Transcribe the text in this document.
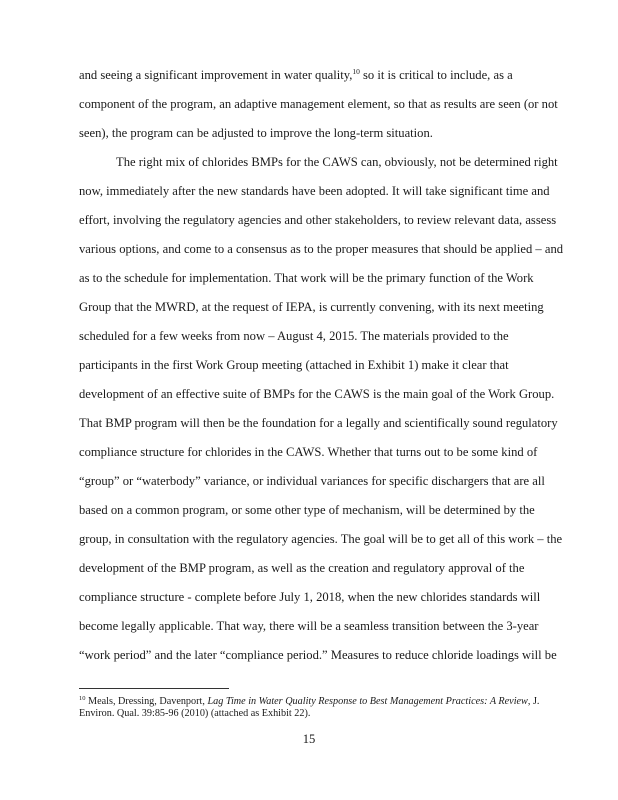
and seeing a significant improvement in water quality,$^{10}$ so it is critical to include, as a
component of the program, an adaptive management element, so that as results are seen (or not
seen), the program can be adjusted to improve the long-term situation.
The right mix of chlorides BMPs for the CAWS can, obviously, not be determined right
now, immediately after the new standards have been adopted. It will take significant time and
effort, involving the regulatory agencies and other stakeholders, to review relevant data, assess
various options, and come to a consensus as to the proper measures that should be applied – and
as to the schedule for implementation. That work will be the primary function of the Work
Group that the MWRD, at the request of IEPA, is currently convening, with its next meeting
scheduled for a few weeks from now – August 4, 2015. The materials provided to the
participants in the first Work Group meeting (attached in Exhibit 1) make it clear that
development of an effective suite of BMPs for the CAWS is the main goal of the Work Group.
That BMP program will then be the foundation for a legally and scientifically sound regulatory
compliance structure for chlorides in the CAWS. Whether that turns out to be some kind of
“group” or “waterbody” variance, or individual variances for specific dischargers that are all
based on a common program, or some other type of mechanism, will be determined by the
group, in consultation with the regulatory agencies. The goal will be to get all of this work – the
development of the BMP program, as well as the creation and regulatory approval of the
compliance structure - complete before July 1, 2018, when the new chlorides standards will
become legally applicable. That way, there will be a seamless transition between the 3-year
“work period” and the later “compliance period.” Measures to reduce chloride loadings will be
$^{10}$ Meals, Dressing, Davenport, Lag Time in Water Quality Response to Best Management Practices: A Review, J.
Environ. Qual. 39:85-96 (2010) (attached as Exhibit 22).
15
